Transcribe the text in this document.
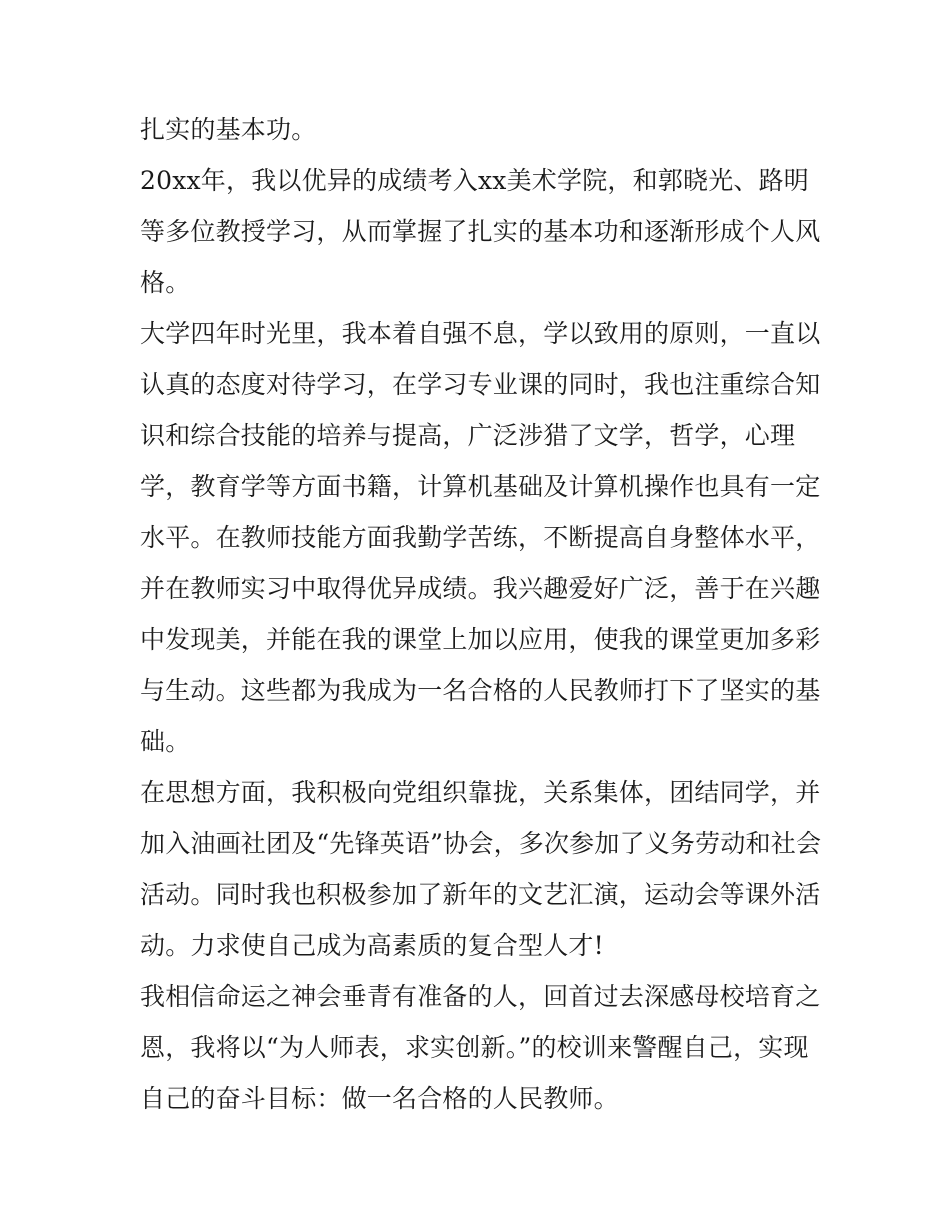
扎实的基本功。
20xx年，我以优异的成绩考入xx美术学院，和郭晓光、路明
等多位教授学习，从而掌握了扎实的基本功和逐渐形成个人风
格。
大学四年时光里，我本着自强不息，学以致用的原则，一直以
认真的态度对待学习，在学习专业课的同时，我也注重综合知
识和综合技能的培养与提高，广泛涉猎了文学，哲学，心理
学，教育学等方面书籍，计算机基础及计算机操作也具有一定
水平。在教师技能方面我勤学苦练，不断提高自身整体水平，
并在教师实习中取得优异成绩。我兴趣爱好广泛，善于在兴趣
中发现美，并能在我的课堂上加以应用，使我的课堂更加多彩
与生动。这些都为我成为一名合格的人民教师打下了坚实的基
础。
在思想方面，我积极向党组织靠拢，关系集体，团结同学，并
加入油画社团及“先锋英语”协会，多次参加了义务劳动和社会
活动。同时我也积极参加了新年的文艺汇演，运动会等课外活
动。力求使自己成为高素质的复合型人才!
我相信命运之神会垂青有准备的人，回首过去深感母校培育之
恩，我将以“为人师表，求实创新。”的校训来警醒自己，实现
自己的奋斗目标：做一名合格的人民教师。
